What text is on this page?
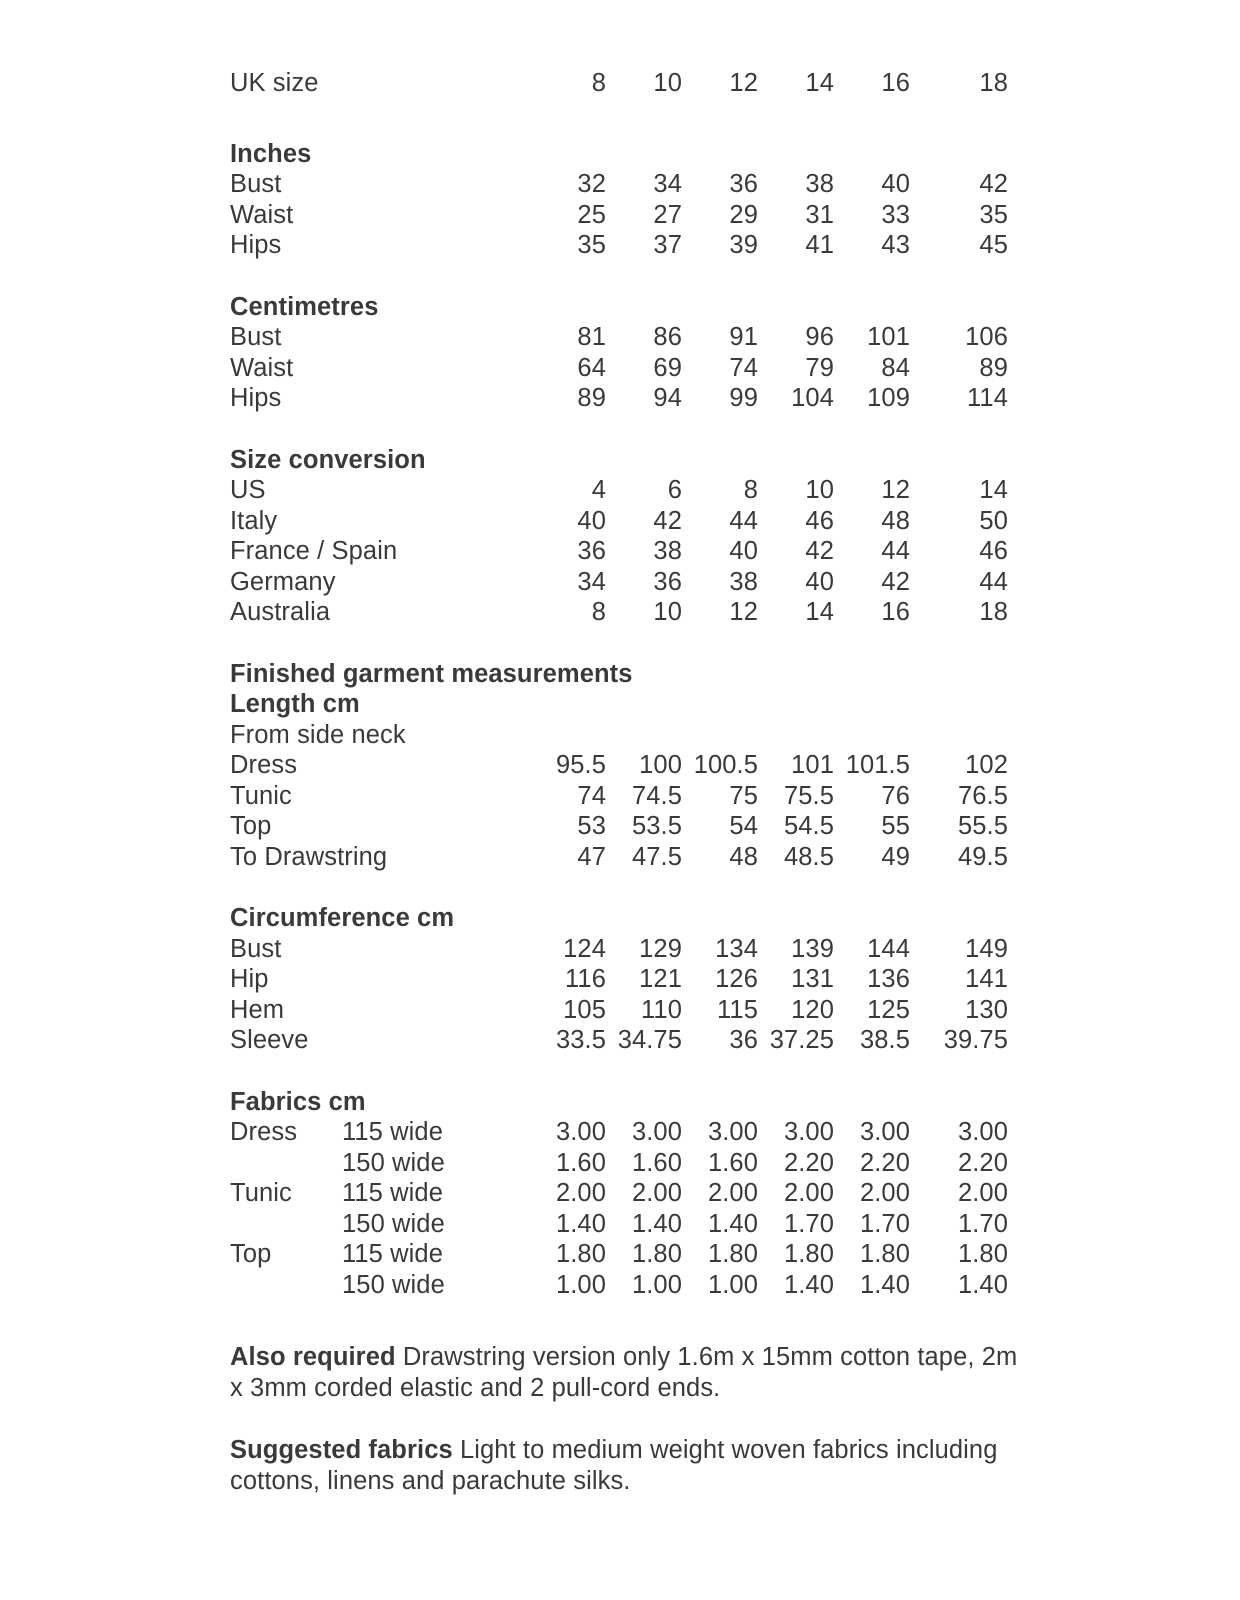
UK size	8	10	12	14	16	18
Inches
Bust	32	34	36	38	40	42
Waist	25	27	29	31	33	35
Hips	35	37	39	41	43	45
Centimetres
Bust	81	86	91	96	101	106
Waist	64	69	74	79	84	89
Hips	89	94	99	104	109	114
Size conversion
US	4	6	8	10	12	14
Italy	40	42	44	46	48	50
France / Spain	36	38	40	42	44	46
Germany	34	36	38	40	42	44
Australia	8	10	12	14	16	18
Finished garment measurements
Length cm
From side neck
Dress	95.5	100	100.5	101	101.5	102
Tunic	74	74.5	75	75.5	76	76.5
Top	53	53.5	54	54.5	55	55.5
To Drawstring	47	47.5	48	48.5	49	49.5
Circumference cm
Bust	124	129	134	139	144	149
Hip	116	121	126	131	136	141
Hem	105	110	115	120	125	130
Sleeve	33.5	34.75	36	37.25	38.5	39.75
Fabrics cm
Dress	115 wide	3.00	3.00	3.00	3.00	3.00	3.00
	150 wide	1.60	1.60	1.60	2.20	2.20	2.20
Tunic	115 wide	2.00	2.00	2.00	2.00	2.00	2.00
	150 wide	1.40	1.40	1.40	1.70	1.70	1.70
Top	115 wide	1.80	1.80	1.80	1.80	1.80	1.80
	150 wide	1.00	1.00	1.00	1.40	1.40	1.40

Also required Drawstring version only 1.6m x 15mm cotton tape, 2m x 3mm corded elastic and 2 pull-cord ends.

Suggested fabrics Light to medium weight woven fabrics including cottons, linens and parachute silks.
